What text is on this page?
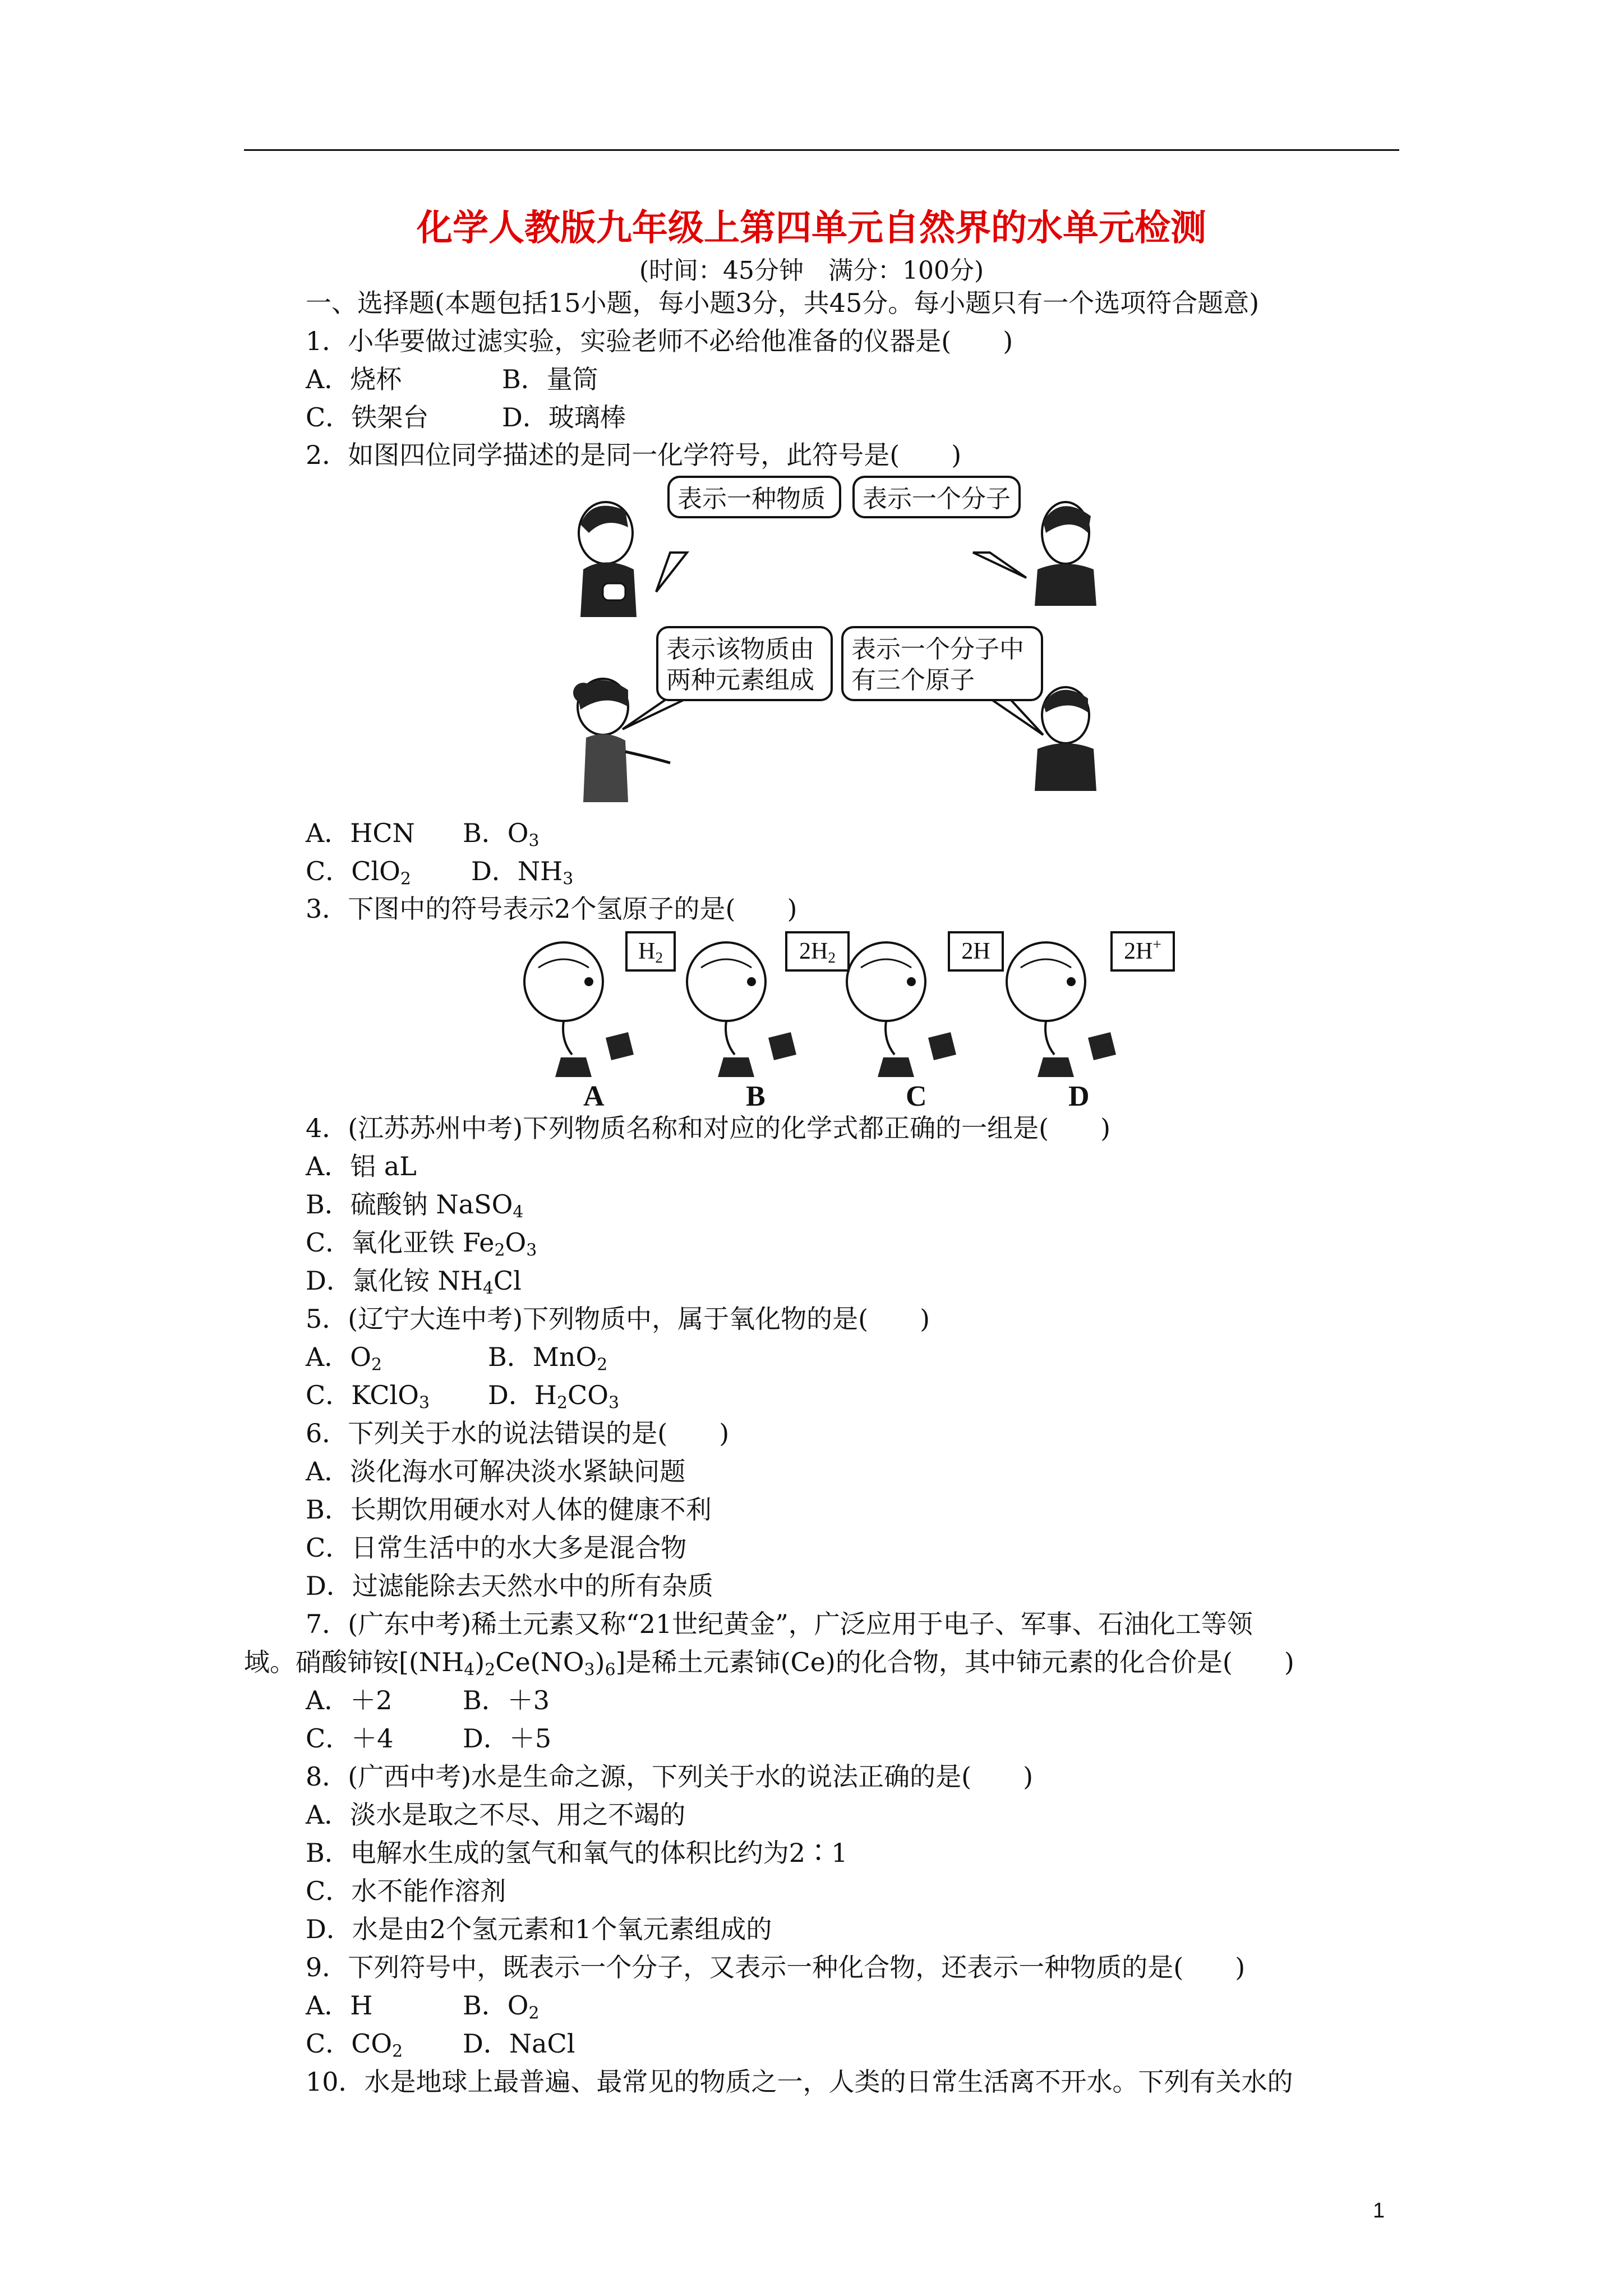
化学人教版九年级上第四单元自然界的水单元检测
(时间：45分钟　满分：100分)
一、选择题(本题包括15小题，每小题3分，共45分。每小题只有一个选项符合题意)
1．小华要做过滤实验，实验老师不必给他准备的仪器是(　　)
A．烧杯	B．量筒
C．铁架台	D．玻璃棒
2．如图四位同学描述的是同一化学符号，此符号是(　　)
表示一种物质	表示一个分子
表示该物质由
两种元素组成
表示一个分子中
有三个原子
A．HCN B．$O_3$
C．ClO$_2$ D．$NH_3$
3．下图中的符号表示2个氢原子的是(　　)
$H_2$	$2H_2$	2H	2H+
A	B	C	D
4．(江苏苏州中考)下列物质名称和对应的化学式都正确的一组是(　　)
A．铝 aL
B．硫酸钠 NaSO$_4$
C．氧化亚铁 $Fe_2O_3$
D．氯化铵 $NH_4Cl$
5．(辽宁大连中考)下列物质中，属于氧化物的是(　　)
A．$O_2$	B．MnO$_2$
C．KClO$_3$ D．$H_2CO_3$
6．下列关于水的说法错误的是(　　)
A．淡化海水可解决淡水紧缺问题
B．长期饮用硬水对人体的健康不利
C．日常生活中的水大多是混合物
D．过滤能除去天然水中的所有杂质
7．(广东中考)稀土元素又称“21世纪黄金”，广泛应用于电子、军事、石油化工等领
域。硝酸铈铵$[(NH_4)_2Ce(NO_3)_6]$是稀土元素铈(Ce)的化合物，其中铈元素的化合价是(　　)
A．＋2	B．＋3
C．＋4	D．＋5
8．(广西中考)水是生命之源，下列关于水的说法正确的是(　　)
A．淡水是取之不尽、用之不竭的
B．电解水生成的氢气和氧气的体积比约为2∶1
C．水不能作溶剂
D．水是由2个氢元素和1个氧元素组成的
9．下列符号中，既表示一个分子，又表示一种化合物，还表示一种物质的是(　　)
A．H	B．$O_2$
C．$CO_2$ D．NaCl
10．水是地球上最普遍、最常见的物质之一，人类的日常生活离不开水。下列有关水的
1
